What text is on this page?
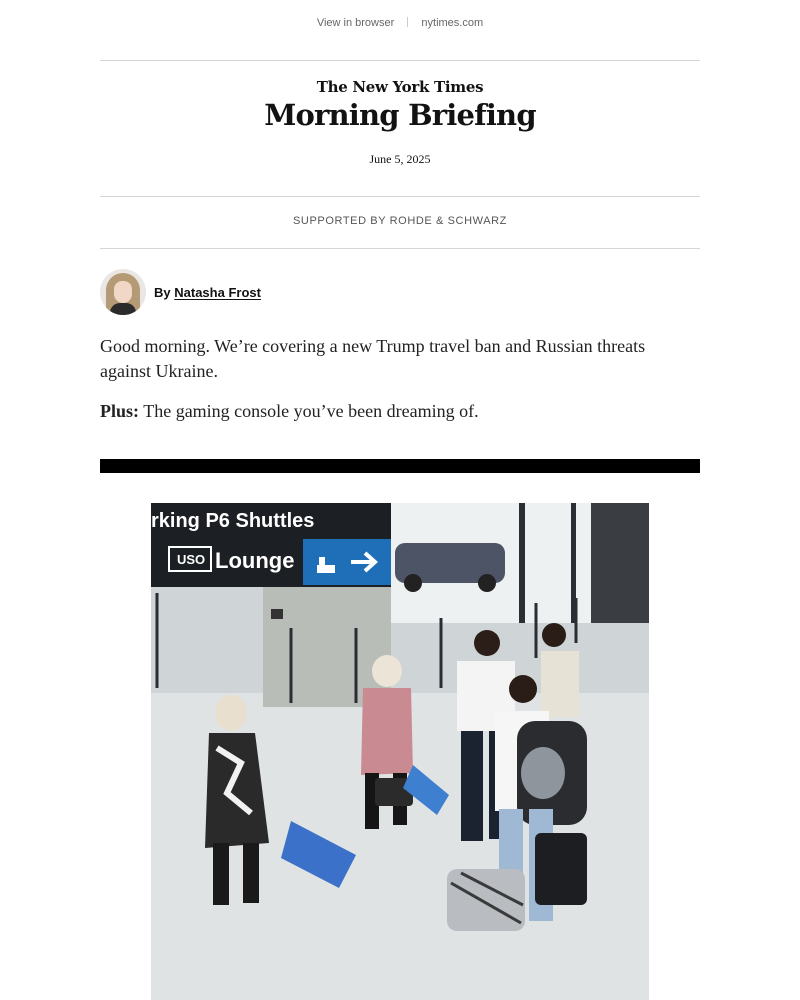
View in browser nytimes.com
The New York Times
Morning Briefing
June 5, 2025
SUPPORTED BY ROHDE & SCHWARZ
By Natasha Frost

Good morning. We’re covering a new Trump travel ban and Russian threats against Ukraine.

Plus: The gaming console you’ve been dreaming of.

rking P6 Shuttles
USO Lounge
